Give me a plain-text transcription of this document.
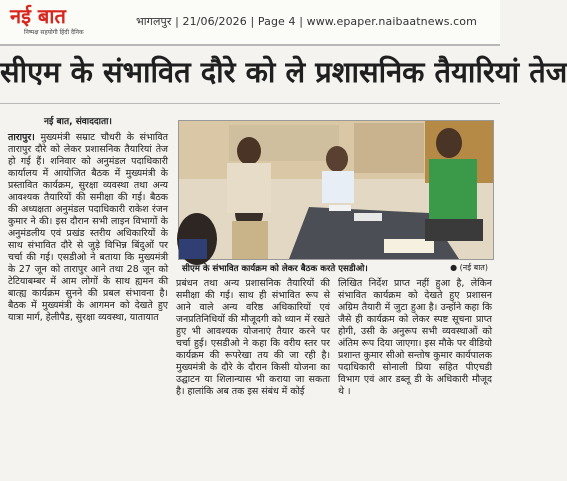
नई बात
निष्पक्ष सहयोगी हिंदी दैनिक
भागलपुर | 21/06/2026 | Page 4 | www.epaper.naibaatnews.com
सीएम के संभावित दौरे को ले प्रशासनिक तैयारियां तेज
नई बात, संवाददाता।
तारापुर। मुख्यमंत्री सम्राट चौधरी के संभावित तारापुर दौरे को लेकर प्रशासनिक तैयारियां तेज हो गई हैं। शनिवार को अनुमंडल पदाधिकारी कार्यालय में आयोजित बैठक में मुख्यमंत्री के प्रस्तावित कार्यक्रम, सुरक्षा व्यवस्था तथा अन्य आवश्यक तैयारियों की समीक्षा की गई। बैठक की अध्यक्षता अनुमंडल पदाधिकारी राकेश रंजन कुमार ने की। इस दौरान सभी लाइन विभागों के अनुमंडलीय एवं प्रखंड स्तरीय अधिकारियों के साथ संभावित दौरे से जुड़े विभिन्न बिंदुओं पर चर्चा की गई। एसडीओ ने बताया कि मुख्यमंत्री के 27 जून को तारापुर आने तथा 28 जून को टेटियाबम्बर में आम लोगों के साथ ह्यमन की बात्ह्य कार्यक्रम सुनने की प्रबल संभावना है। बैठक में मुख्यमंत्री के आगमन को देखते हुए यात्रा मार्ग, हेलीपैड, सुरक्षा व्यवस्था, यातायात
सीएम के संभावित कार्यक्रम को लेकर बैठक करते एसडीओ।	● (नई बात)
प्रबंधन तथा अन्य प्रशासनिक तैयारियों की समीक्षा की गई। साथ ही संभावित रूप से आने वाले अन्य वरिष्ठ अधिकारियों एवं जनप्रतिनिधियों की मौजूदगी को ध्यान में रखते हुए भी आवश्यक योजनाएं तैयार करने पर चर्चा हुई। एसडीओ ने कहा कि वरीय स्तर पर कार्यक्रम की रूपरेखा तय की जा रही है। मुख्यमंत्री के दौरे के दौरान किसी योजना का उद्घाटन या शिलान्यास भी कराया जा सकता है। हालांकि अब तक इस संबंध में कोई
लिखित निर्देश प्राप्त नहीं हुआ है, लेकिन संभावित कार्यक्रम को देखते हुए प्रशासन अग्रिम तैयारी में जुटा हुआ है। उन्होंने कहा कि जैसे ही कार्यक्रम को लेकर स्पष्ट सूचना प्राप्त होगी, उसी के अनुरूप सभी व्यवस्थाओं को अंतिम रूप दिया जाएगा। इस मौके पर वीडियो प्रशान्त कुमार सीओ सन्तोष कुमार कार्यपालक पदाधिकारी सोनाली प्रिया सहित पीएचडी विभाग एवं आर डब्लू डी के अधिकारी मौजूद थे ।
